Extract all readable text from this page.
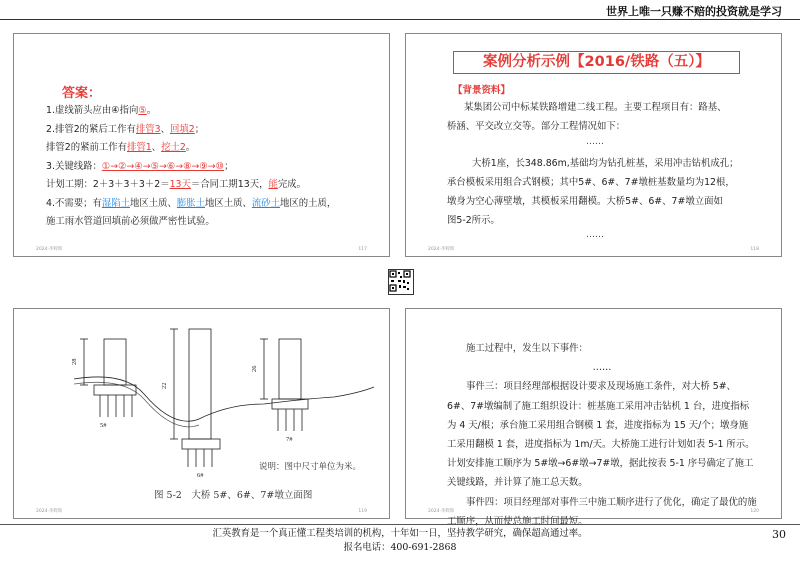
世界上唯一只赚不赔的投资就是学习
答案：
1.虚线箭头应由④指向⑤。
2.排管2的紧后工作有排管3、回填2；
排管2的紧前工作有排管1、挖土2。
3.关键线路：①→②→④→⑤→⑥→⑧→⑨→⑩；
计划工期：2＋3＋3＋3＋2＝13天＝合同工期13天，能完成。
4.不需要；有湿陷土地区土质、膨胀土地区土质、流砂土地区的土质，
施工雨水管道回填前必须做严密性试验。
2024·李辉辉	117
案例分析示例【2016/铁路（五）】
【背景资料】
某集团公司中标某铁路增建二线工程。主要工程项目有：路基、
桥涵、平交改立交等。部分工程情况如下：
……
大桥1座，长348.86m,基础均为钻孔桩基，采用冲击钻机成孔；
承台模板采用组合式钢模；其中5#、6#、7#墩桩基数量均为12根，
墩身为空心薄壁墩，其模板采用翻模。大桥5#、6#、7#墩立面如
图5-2所示。
……
2024·李辉辉	118
28
22
26
5#
6#
7#
说明：图中尺寸单位为米。
图 5-2　大桥 5#、6#、7#墩立面图
2024·李辉辉	119

施工过程中，发生以下事件：

……

事件三：项目经理部根据设计要求及现场施工条件，对大桥 5#、6#、7#墩编制了施工组织设计：桩基施工采用冲击钻机 1 台，进度指标为 4 天/根；承台施工采用组合钢模 1 套，进度指标为 15 天/个；墩身施工采用翻模 1 套，进度指标为 1m/天。大桥施工进行计划如表 5-1 所示。计划安排施工顺序为 5#墩→6#墩→7#墩，据此按表 5-1 序号确定了施工关键线路，并计算了施工总天数。

事件四：项目经理部对事件三中施工顺序进行了优化，确定了最优的施工顺序，从而使总施工时间最短。

2024·李辉辉	120
汇英教育是一个真正懂工程类培训的机构，十年如一日，坚持教学研究，确保超高通过率。
报名电话：400-691-2868
30
